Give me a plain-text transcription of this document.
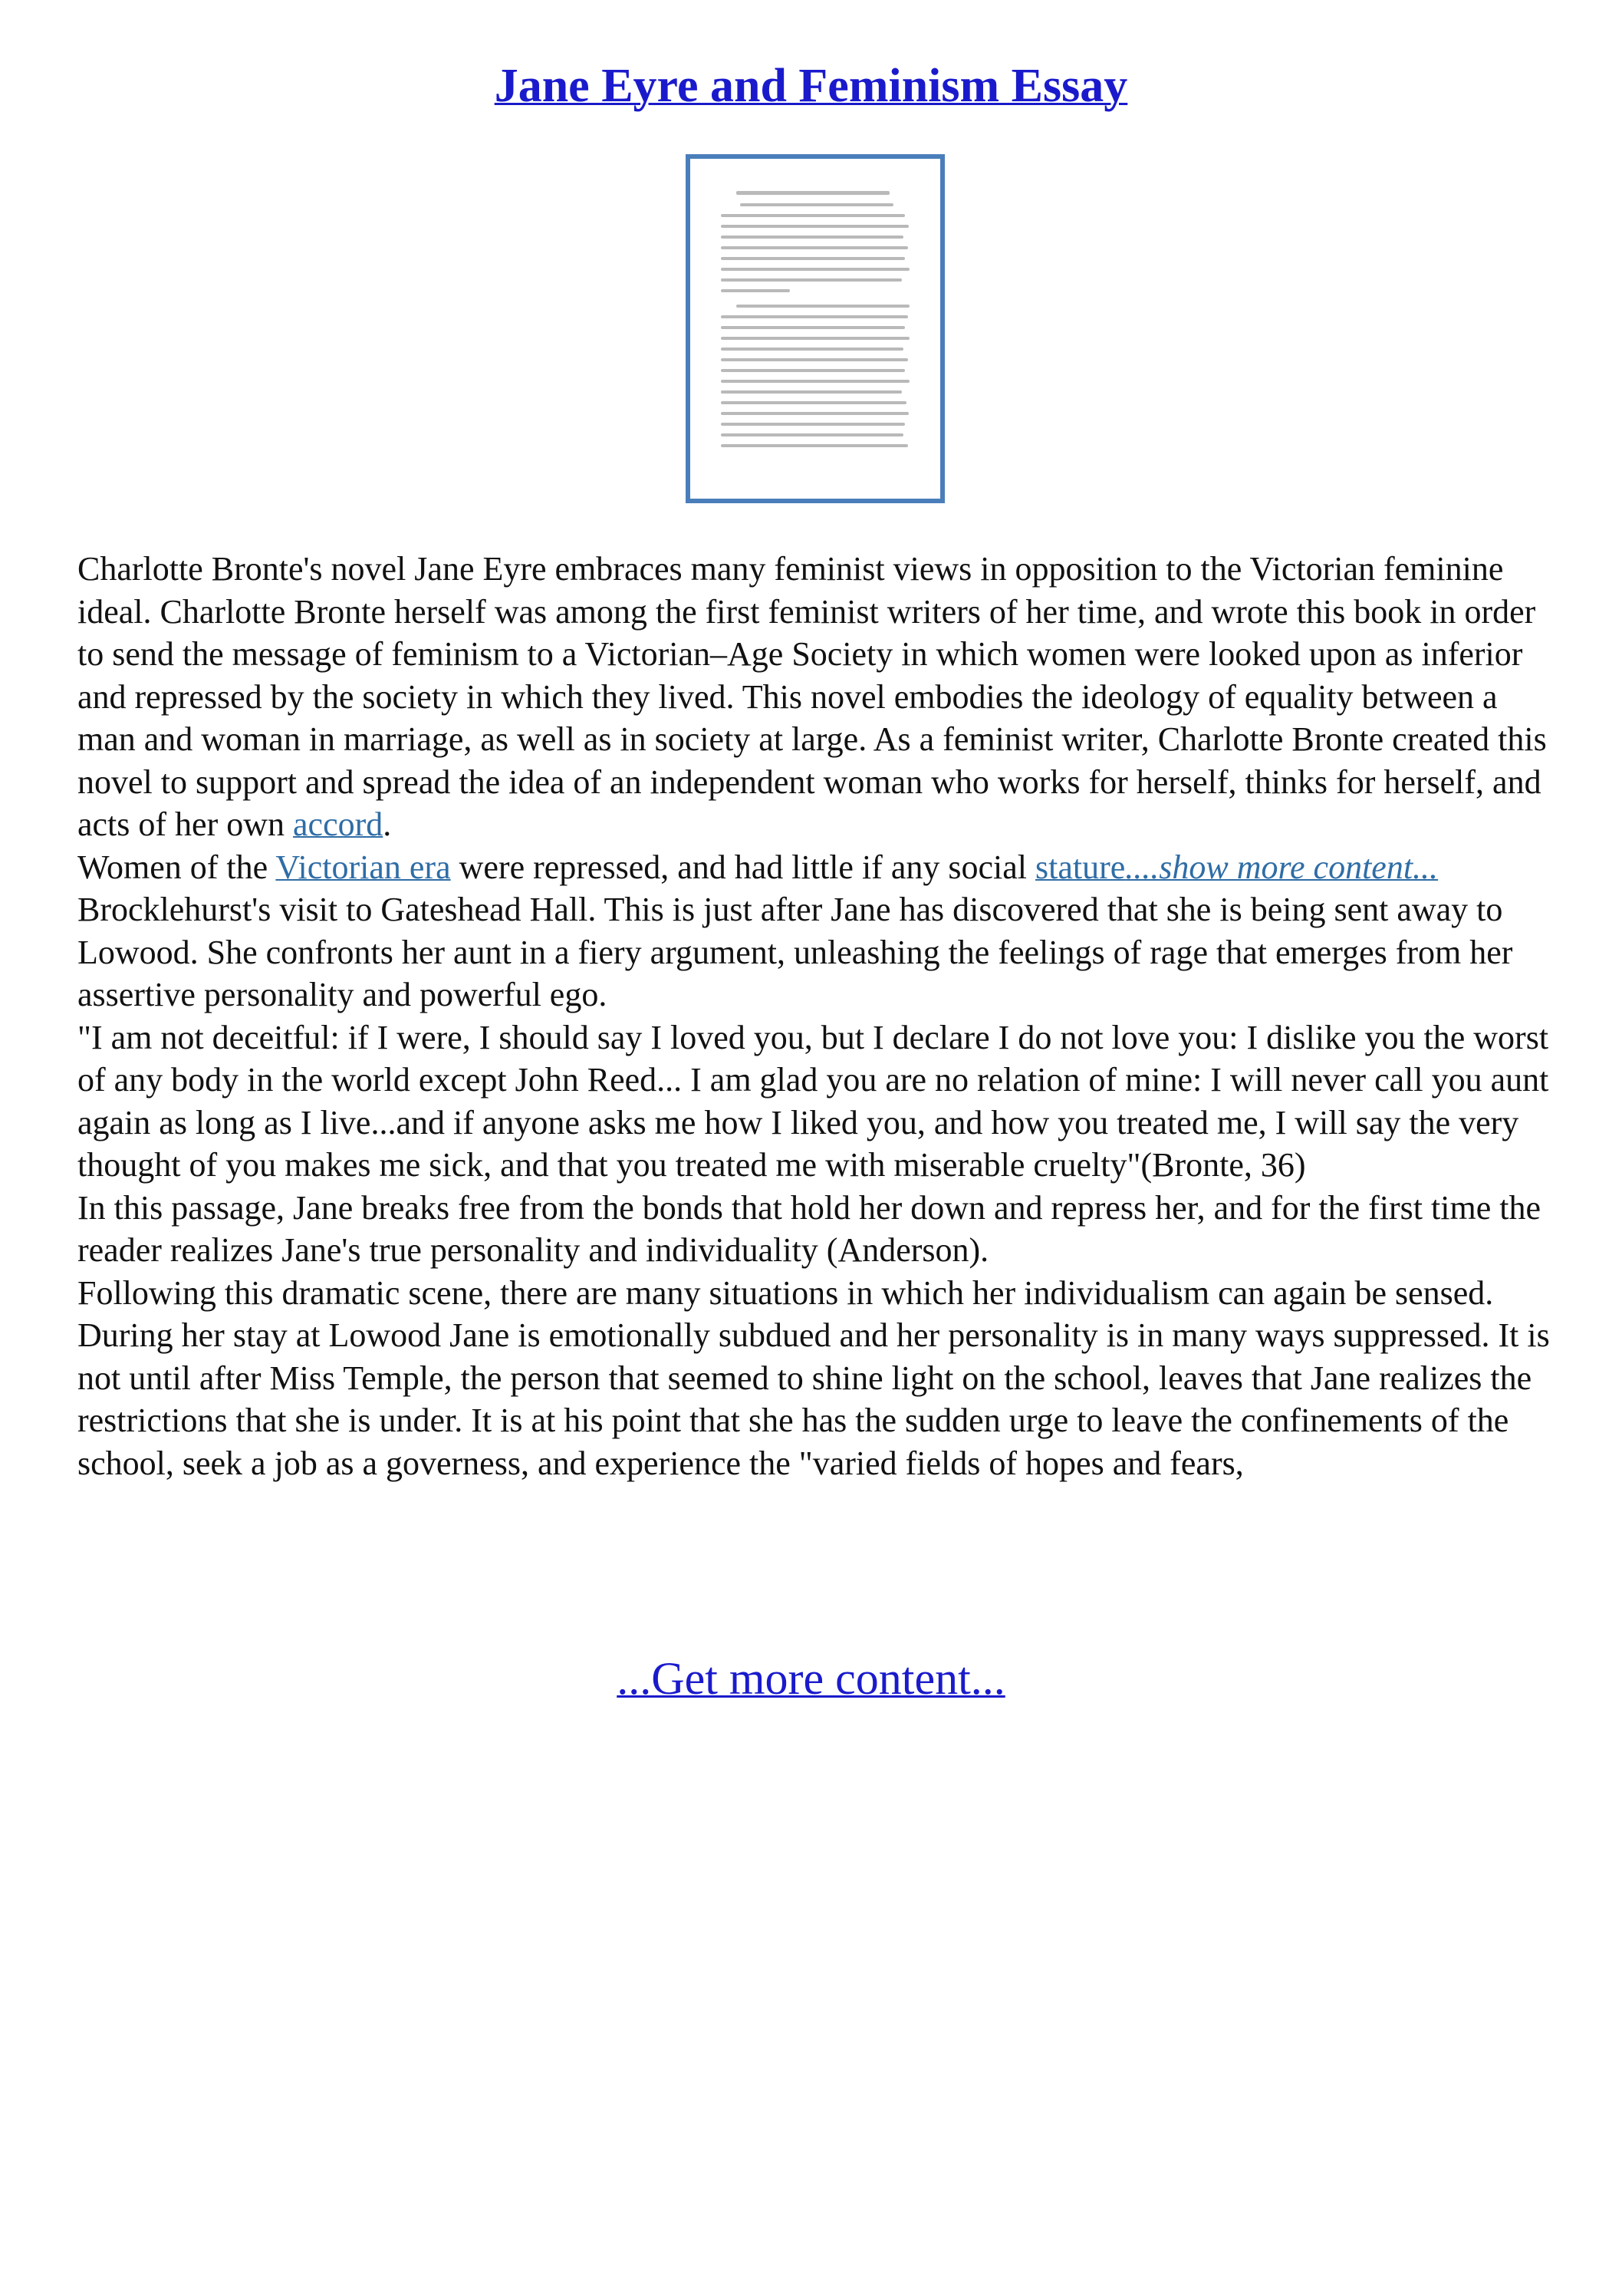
Jane Eyre and Feminism Essay

Charlotte Bronte's novel Jane Eyre embraces many feminist views in opposition to the Victorian feminine ideal. Charlotte Bronte herself was among the first feminist writers of her time, and wrote this book in order to send the message of feminism to a Victorian–Age Society in which women were looked upon as inferior and repressed by the society in which they lived. This novel embodies the ideology of equality between a man and woman in marriage, as well as in society at large. As a feminist writer, Charlotte Bronte created this novel to support and spread the idea of an independent woman who works for herself, thinks for herself, and acts of her own accord.

Women of the Victorian era were repressed, and had little if any social stature....show more content...

Brocklehurst's visit to Gateshead Hall. This is just after Jane has discovered that she is being sent away to Lowood. She confronts her aunt in a fiery argument, unleashing the feelings of rage that emerges from her assertive personality and powerful ego.

"I am not deceitful: if I were, I should say I loved you, but I declare I do not love you: I dislike you the worst of any body in the world except John Reed... I am glad you are no relation of mine: I will never call you aunt again as long as I live...and if anyone asks me how I liked you, and how you treated me, I will say the very thought of you makes me sick, and that you treated me with miserable cruelty"(Bronte, 36)

In this passage, Jane breaks free from the bonds that hold her down and repress her, and for the first time the reader realizes Jane's true personality and individuality (Anderson).

Following this dramatic scene, there are many situations in which her individualism can again be sensed. During her stay at Lowood Jane is emotionally subdued and her personality is in many ways suppressed. It is not until after Miss Temple, the person that seemed to shine light on the school, leaves that Jane realizes the restrictions that she is under. It is at his point that she has the sudden urge to leave the confinements of the school, seek a job as a governess, and experience the "varied fields of hopes and fears,

...Get more content...
